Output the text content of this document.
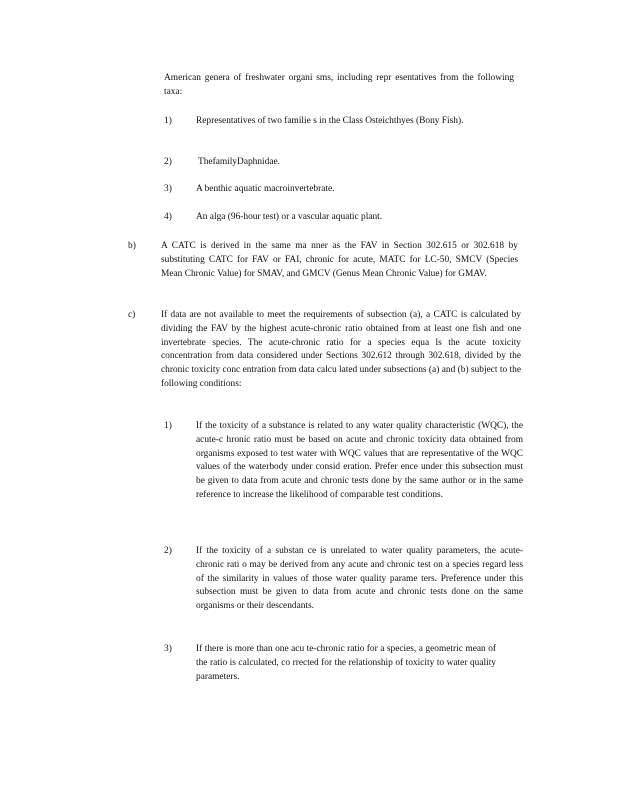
American genera of freshwater organi sms, including repr esentatives from the following taxa:

1)	Representatives of two familie s in the Class Osteichthyes (Bony Fish).

2)	ThefamilyDaphnidae.

3)	A benthic aquatic macroinvertebrate.

4)	An alga (96-hour test) or a vascular aquatic plant.

b)	A CATC is derived in the same ma nner as the FAV in Section 302.615 or 302.618 by substituting CATC for FAV or FAI, chronic for acute, MATC for LC-50, SMCV (Species Mean Chronic Value) for SMAV, and GMCV (Genus Mean Chronic Value) for GMAV.

c)	If data are not available to meet the requirements of subsection (a), a CATC is calculated by dividing the FAV by the highest acute-chronic ratio obtained from at least one fish and one invertebrate species. The acute-chronic ratio for a species equa ls the acute toxicity concentration from data considered under Sections 302.612 through 302.618, divided by the chronic toxicity conc entration from data calcu lated under subsections (a) and (b) subject to the following conditions:

1)	If the toxicity of a substance is related to any water quality characteristic (WQC), the acute-c hronic ratio must be based on acute and chronic toxicity data obtained from organisms exposed to test water with WQC values that are representative of the WQC values of the waterbody under consid eration. Prefer ence under this subsection must be given to data from acute and chronic tests done by the same author or in the same reference to increase the likelihood of comparable test conditions.

2)	If the toxicity of a substan ce is unrelated to water quality parameters, the acute-chronic rati o may be derived from any acute and chronic test on a species regard less of the similarity in values of those water quality parame ters. Preference under this subsection must be given to data from acute and chronic tests done on the same organisms or their descendants.

3)	If there is more than one acu te-chronic ratio for a species, a geometric mean of the ratio is calculated, co rrected for the relationship of toxicity to water quality parameters.
